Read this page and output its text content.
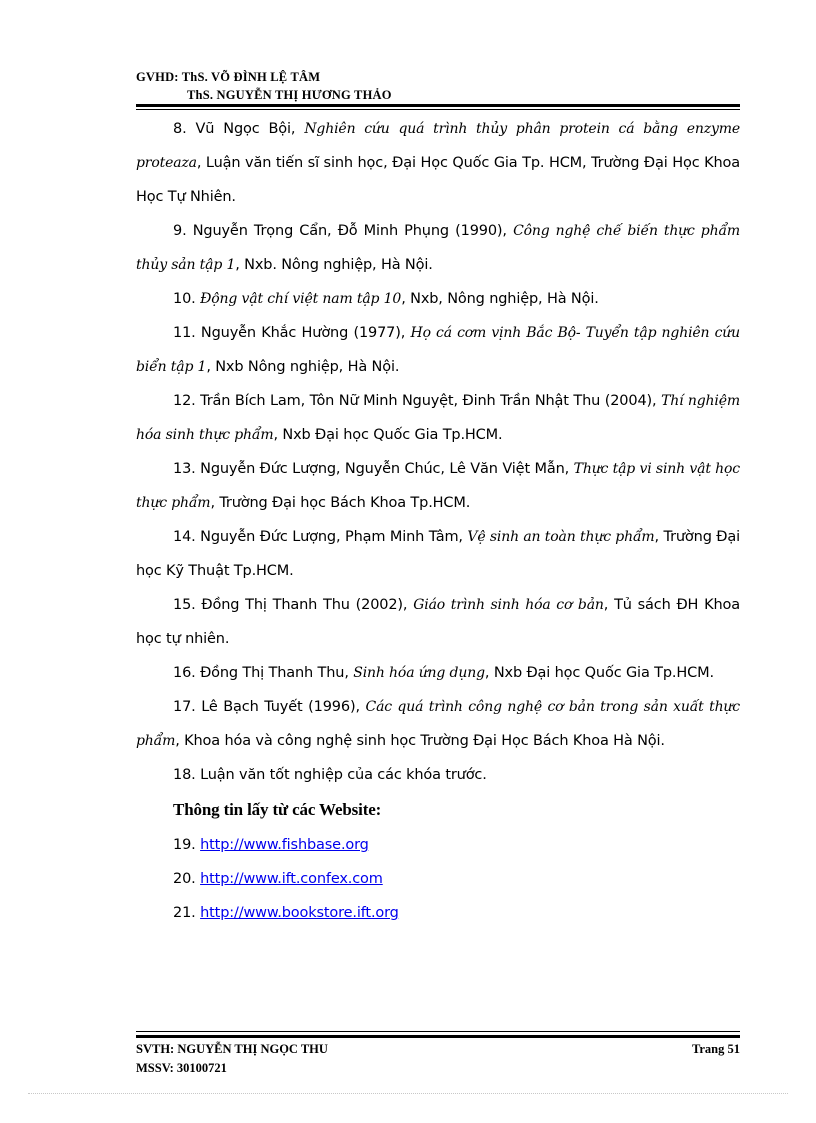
GVHD: ThS. VÕ ĐÌNH LỆ TÂM
ThS. NGUYỄN THỊ HƯƠNG THẢO

8. Vũ Ngọc Bội, Nghiên cứu quá trình thủy phân protein cá bằng enzyme proteaza, Luận văn tiến sĩ sinh học, Đại Học Quốc Gia Tp. HCM, Trường Đại Học Khoa Học Tự Nhiên.

9. Nguyễn Trọng Cẩn, Đỗ Minh Phụng (1990), Công nghệ chế biến thực phẩm thủy sản tập 1, Nxb. Nông nghiệp, Hà Nội.

10. Động vật chí việt nam tập 10, Nxb, Nông nghiệp, Hà Nội.

11. Nguyễn Khắc Hường (1977), Họ cá cơm vịnh Bắc Bộ- Tuyển tập nghiên cứu biển tập 1, Nxb Nông nghiệp, Hà Nội.

12. Trần Bích Lam, Tôn Nữ Minh Nguyệt, Đinh Trần Nhật Thu (2004), Thí nghiệm hóa sinh thực phẩm, Nxb Đại học Quốc Gia Tp.HCM.

13. Nguyễn Đức Lượng, Nguyễn Chúc, Lê Văn Việt Mẫn, Thực tập vi sinh vật học thực phẩm, Trường Đại học Bách Khoa Tp.HCM.

14. Nguyễn Đức Lượng, Phạm Minh Tâm, Vệ sinh an toàn thực phẩm, Trường Đại học Kỹ Thuật Tp.HCM.

15. Đồng Thị Thanh Thu (2002), Giáo trình sinh hóa cơ bản, Tủ sách ĐH Khoa học tự nhiên.

16. Đồng Thị Thanh Thu, Sinh hóa ứng dụng, Nxb Đại học Quốc Gia Tp.HCM.

17. Lê Bạch Tuyết (1996), Các quá trình công nghệ cơ bản trong sản xuất thực phẩm, Khoa hóa và công nghệ sinh học Trường Đại Học Bách Khoa Hà Nội.

18. Luận văn tốt nghiệp của các khóa trước.

Thông tin lấy từ các Website:

19. http://www.fishbase.org

20. http://www.ift.confex.com

21. http://www.bookstore.ift.org

SVTH: NGUYỄN THỊ NGỌC THU	Trang 51
MSSV: 30100721
